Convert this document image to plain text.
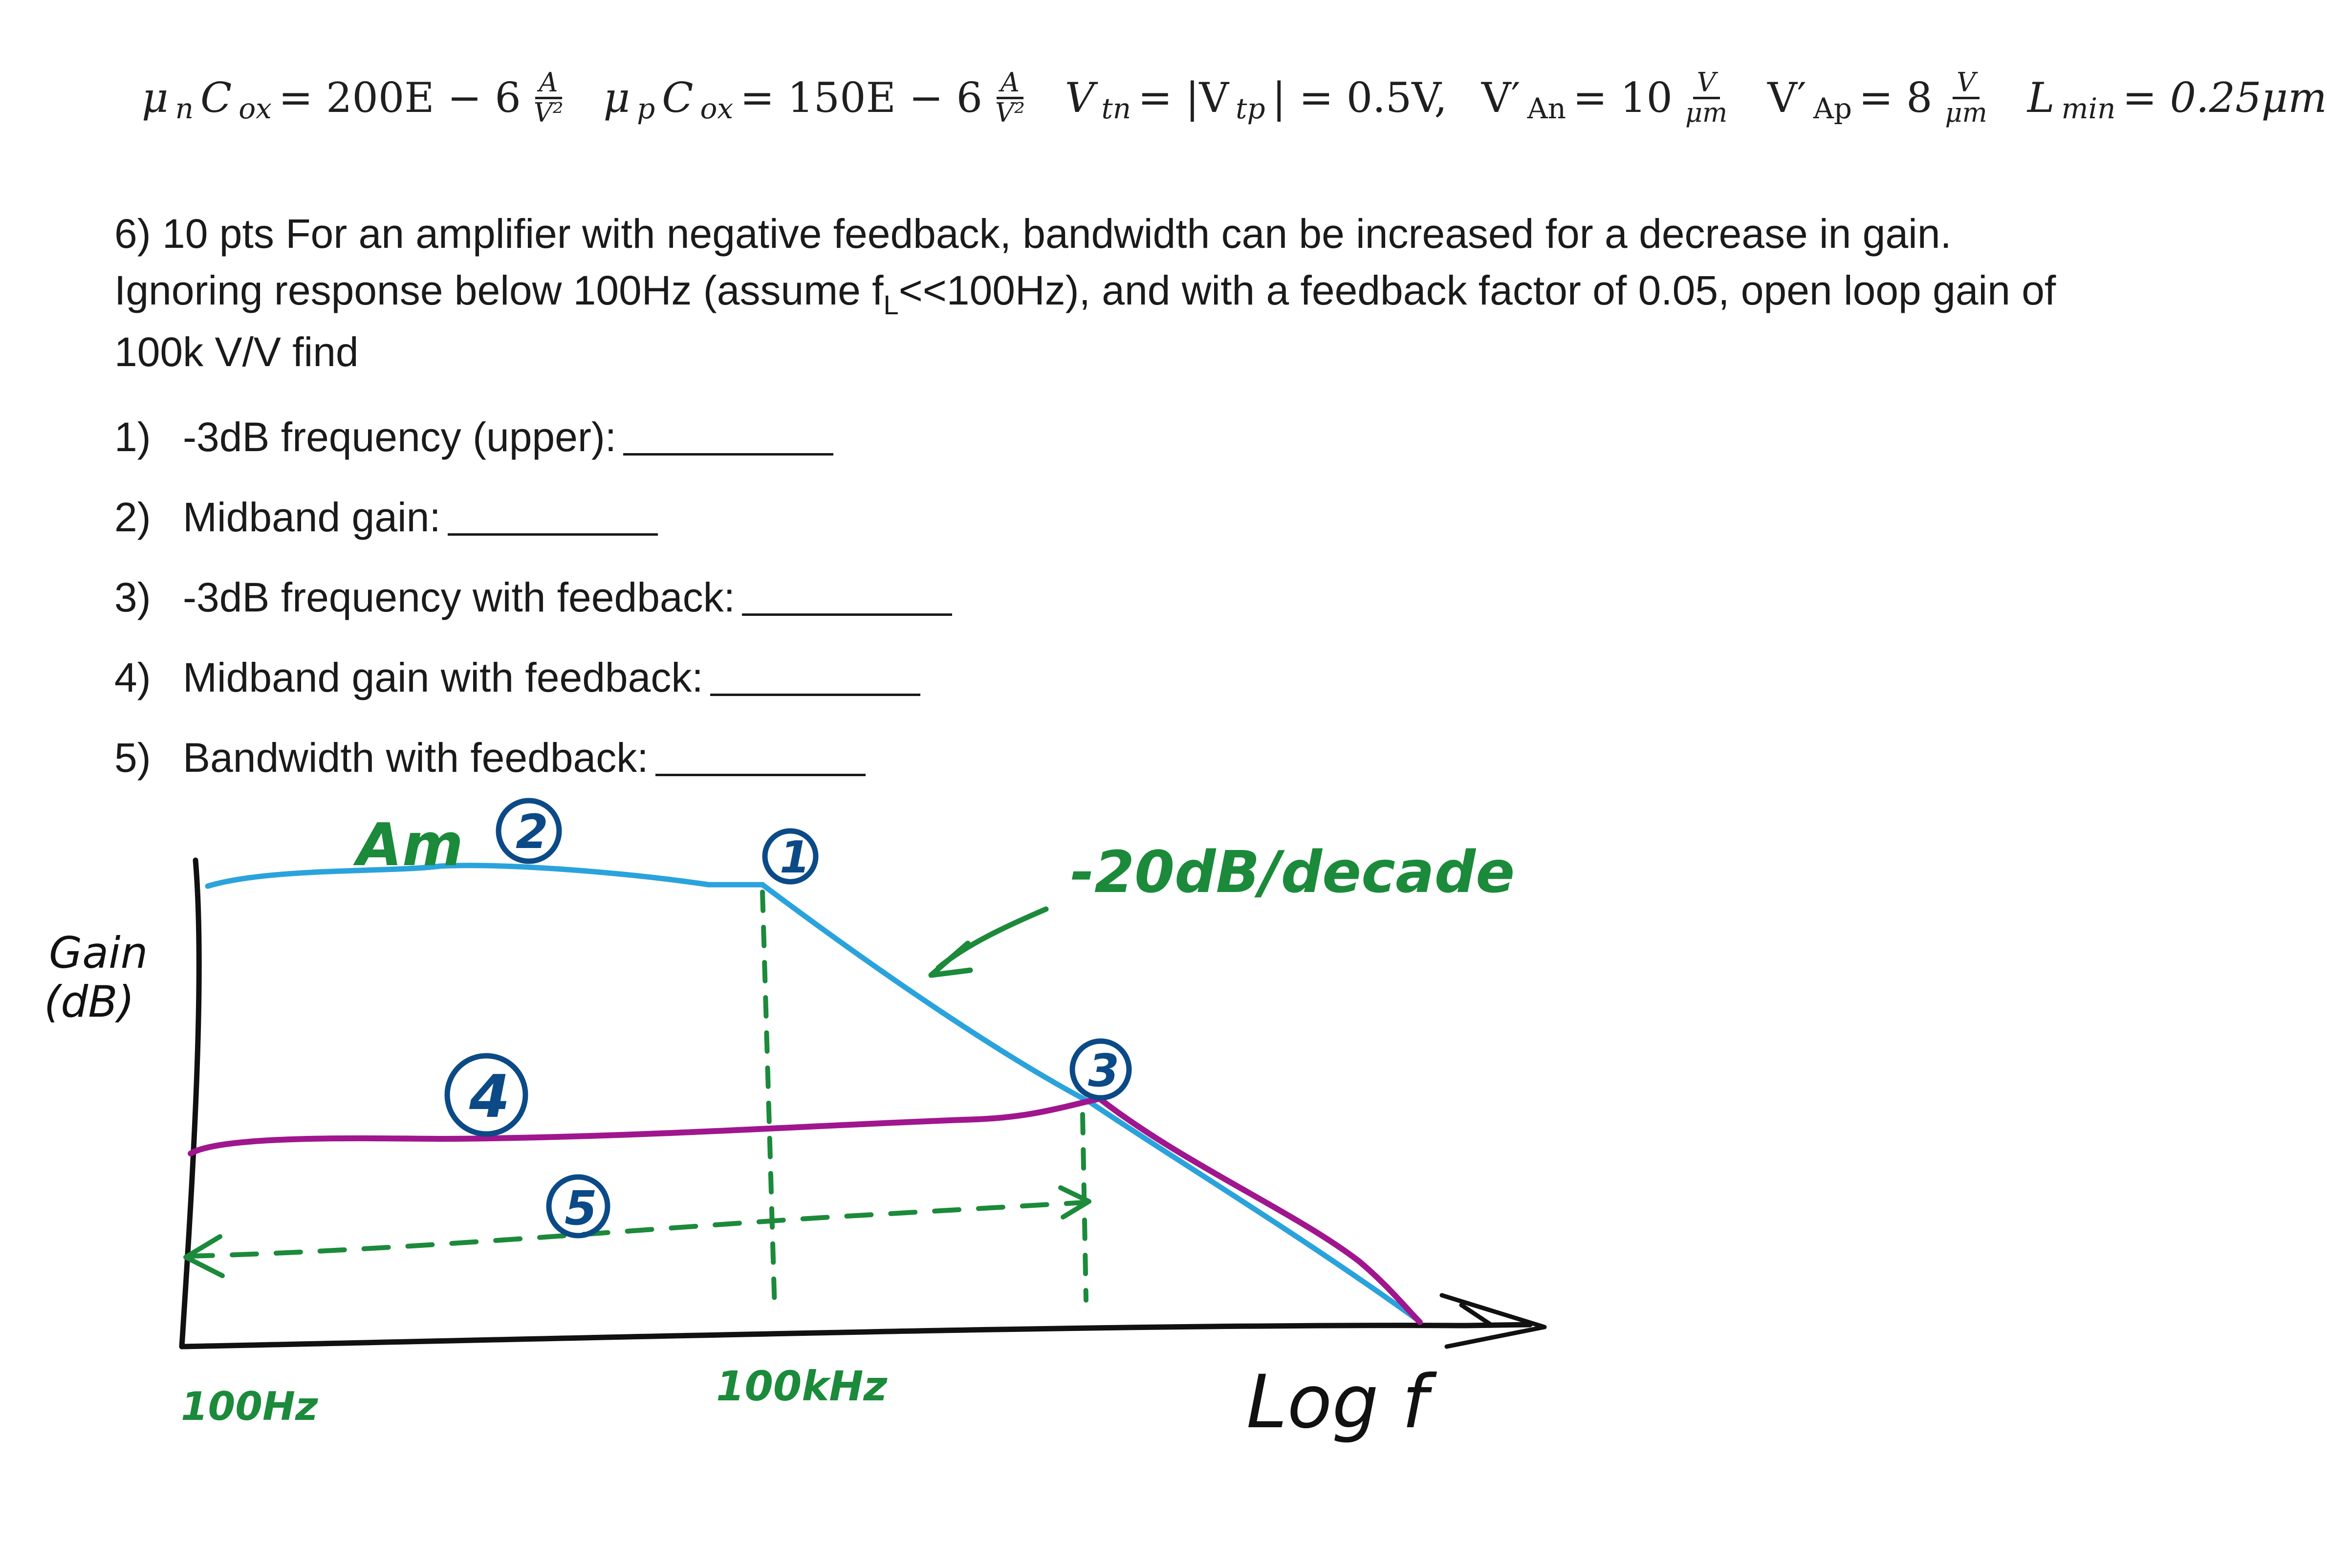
μ n C ox = $200E - 6 \frac{A}{\text{V²}}$ μ p C ox = $150E - 6 \frac{A}{\text{V²}}$ V tn = |V tp | = 0.5V, V′ $An = 10 \frac{V}{\mu m} V'$ $Ap = 8 \frac{V}{\mu m}$ L min = 0.25μm
6) 10 pts For an amplifier with negative feedback, bandwidth can be increased for a decrease in gain.
Ignoring response below 100Hz (assume $f_L<<100Hz$), and with a feedback factor of 0.05, open loop gain of
100k V/V find
1) -3dB frequency (upper):
2) Midband gain:
3) -3dB frequency with feedback:
4) Midband gain with feedback:
5) Bandwidth with feedback:
Gain
(dB)
Am	-20dB/decade
Log f
100Hz	100kHz
1
2
3
4
5
